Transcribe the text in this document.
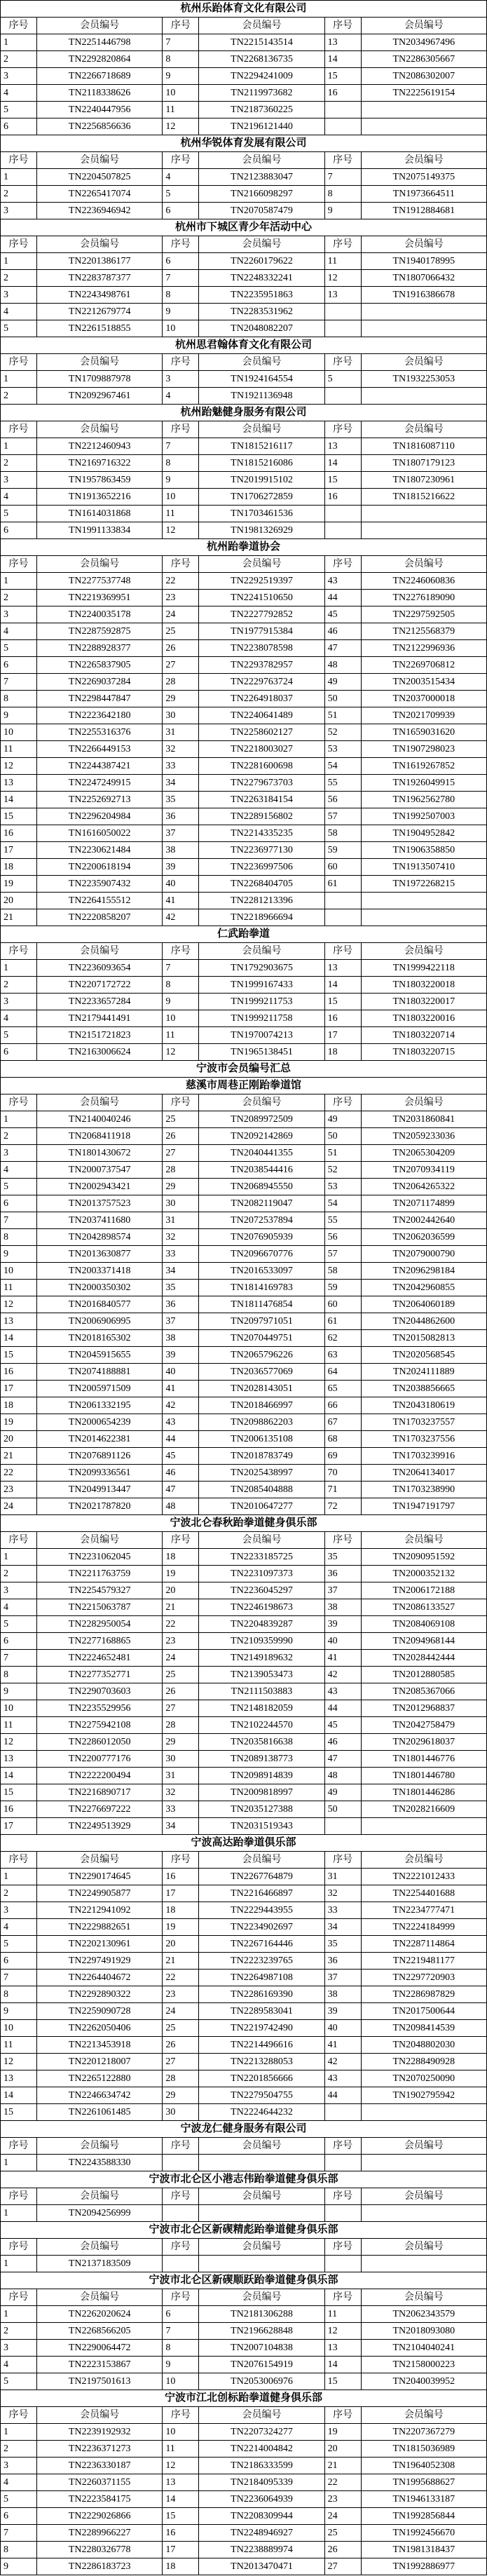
杭州乐跆体育文化有限公司
序号	会员编号	序号	会员编号	序号	会员编号
1	TN2251446798	7	TN2215143514	13	TN2034967496
2	TN2292820864	8	TN2268136735	14	TN2286305667
3	TN2266718689	9	TN2294241009	15	TN2086302007
4	TN2118338626	10	TN2119973682	16	TN2225619154
5	TN2240447956	11	TN2187360225
6	TN2256856636	12	TN2196121440
杭州华锐体育发展有限公司
序号	会员编号	序号	会员编号	序号	会员编号
1	TN2204507825	4	TN2123883047	7	TN2075149375
2	TN2265417074	5	TN2166098297	8	TN1973664511
3	TN2236946942	6	TN2070587479	9	TN1912884681
杭州市下城区青少年活动中心
序号	会员编号	序号	会员编号	序号	会员编号
1	TN2201386177	6	TN2260179622	11	TN1940178995
2	TN2283787377	7	TN2248332241	12	TN1807066432
3	TN2243498761	8	TN2235951863	13	TN1916386678
4	TN2212679774	9	TN2283531962
5	TN2261518855	10	TN2048082207
杭州思君翰体育文化有限公司
序号	会员编号	序号	会员编号	序号	会员编号
1	TN1709887978	3	TN1924164554	5	TN1932253053
2	TN2092967461	4	TN1921136948
杭州跆魅健身服务有限公司
序号	会员编号	序号	会员编号	序号	会员编号
1	TN2212460943	7	TN1815216117	13	TN1816087110
2	TN2169716322	8	TN1815216086	14	TN1807179123
3	TN1957863459	9	TN2019915102	15	TN1807230961
4	TN1913652216	10	TN1706272859	16	TN1815216622
5	TN1614031868	11	TN1703461536
6	TN1991133834	12	TN1981326929
杭州跆拳道协会
序号	会员编号	序号	会员编号	序号	会员编号
1	TN2277537748	22	TN2292519397	43	TN2246060836
2	TN2219369951	23	TN2241510650	44	TN2276189090
3	TN2240035178	24	TN2227792852	45	TN2297592505
4	TN2287592875	25	TN1977915384	46	TN2125568379
5	TN2288928377	26	TN2238078598	47	TN2122996936
6	TN2265837905	27	TN2293782957	48	TN2269706812
7	TN2269037284	28	TN2229763724	49	TN2003515434
8	TN2298447847	29	TN2264918037	50	TN2037000018
9	TN2223642180	30	TN2240641489	51	TN2021709939
10	TN2255316376	31	TN2258602127	52	TN1659031620
11	TN2266449153	32	TN2218003027	53	TN1907298023
12	TN2244387421	33	TN2281600698	54	TN1619267852
13	TN2247249915	34	TN2279673703	55	TN1926049915
14	TN2252692713	35	TN2263184154	56	TN1962562780
15	TN2296204984	36	TN2289156802	57	TN1992507003
16	TN1616050022	37	TN2214335235	58	TN1904952842
17	TN2230621484	38	TN2236977130	59	TN1906358850
18	TN2200618194	39	TN2236997506	60	TN1913507410
19	TN2235907432	40	TN2268404705	61	TN1972268215
20	TN2264155512	41	TN2281213396
21	TN2220858207	42	TN2218966694
仁武跆拳道
序号	会员编号	序号	会员编号	序号	会员编号
1	TN2236093654	7	TN1792903675	13	TN1999422118
2	TN2207172722	8	TN1999167433	14	TN1803220018
3	TN2233657284	9	TN1999211753	15	TN1803220017
4	TN2179441491	10	TN1999211758	16	TN1803220016
5	TN2151721823	11	TN1970074213	17	TN1803220714
6	TN2163006624	12	TN1965138451	18	TN1803220715
宁波市会员编号汇总
慈溪市周巷正刚跆拳道馆
序号	会员编号	序号	会员编号	序号	会员编号
1	TN2140040246	25	TN2089972509	49	TN2031860841
2	TN2068411918	26	TN2092142869	50	TN2059233036
3	TN1801430672	27	TN2040441355	51	TN2065304209
4	TN2000737547	28	TN2038544416	52	TN2070934119
5	TN2002943421	29	TN2068945550	53	TN2064265322
6	TN2013757523	30	TN2082119047	54	TN2071174899
7	TN2037411680	31	TN2072537894	55	TN2002442640
8	TN2042898574	32	TN2076905939	56	TN2062036599
9	TN2013630877	33	TN2096670776	57	TN2079000790
10	TN2003371418	34	TN2016533097	58	TN2096298184
11	TN2000350302	35	TN1814169783	59	TN2042960855
12	TN2016840577	36	TN1811476854	60	TN2064060189
13	TN2006906995	37	TN2097971051	61	TN2044862600
14	TN2018165302	38	TN2070449751	62	TN2015082813
15	TN2045915655	39	TN2065796226	63	TN2020568545
16	TN2074188881	40	TN2036577069	64	TN2024111889
17	TN2005971509	41	TN2028143051	65	TN2038856665
18	TN2061332195	42	TN2018466997	66	TN2043180619
19	TN2000654239	43	TN2098862203	67	TN1703237557
20	TN2014622381	44	TN2006135108	68	TN1703237556
21	TN2076891126	45	TN2018783749	69	TN1703239916
22	TN2099336561	46	TN2025438997	70	TN2064134017
23	TN2049913447	47	TN2085404888	71	TN1703238990
24	TN2021787820	48	TN2010647277	72	TN1947191797
宁波北仑春秋跆拳道健身俱乐部
序号	会员编号	序号	会员编号	序号	会员编号
1	TN2231062045	18	TN2233185725	35	TN2090951592
2	TN2211763759	19	TN2231097373	36	TN2000352132
3	TN2254579327	20	TN2236045297	37	TN2006172188
4	TN2215063787	21	TN2246198673	38	TN2086133527
5	TN2282950054	22	TN2204839287	39	TN2084069108
6	TN2277168865	23	TN2109359990	40	TN2094968144
7	TN2224652481	24	TN2149189632	41	TN2028442444
8	TN2277352771	25	TN2139053473	42	TN2012880585
9	TN2290703603	26	TN2111503883	43	TN2085367066
10	TN2235529956	27	TN2148182059	44	TN2012968837
11	TN2275942108	28	TN2102244570	45	TN2042758479
12	TN2286012050	29	TN2035816638	46	TN2029618037
13	TN2200777176	30	TN2089138773	47	TN1801446776
14	TN2222200494	31	TN2098914839	48	TN1801446780
15	TN2216890717	32	TN2009818997	49	TN1801446286
16	TN2276697222	33	TN2035127388	50	TN2028216609
17	TN2249513929	34	TN2031519343
宁波高达跆拳道俱乐部
序号	会员编号	序号	会员编号	序号	会员编号
1	TN2290174645	16	TN2267764879	31	TN2221012433
2	TN2249905877	17	TN2216466897	32	TN2254401688
3	TN2212941092	18	TN2229443955	33	TN2234777471
4	TN2229882651	19	TN2234902697	34	TN2224184999
5	TN2202130961	20	TN2267164446	35	TN2287114864
6	TN2297491929	21	TN2223239765	36	TN2219481177
7	TN2264404672	22	TN2264987108	37	TN2297720903
8	TN2292890322	23	TN2286169390	38	TN2286987829
9	TN2259090728	24	TN2289583041	39	TN2017500644
10	TN2262050406	25	TN2219742490	40	TN2098414539
11	TN2213453918	26	TN2214496616	41	TN2048802030
12	TN2201218007	27	TN2213288053	42	TN2288490928
13	TN2265122880	28	TN2201856666	43	TN2070250090
14	TN2246634742	29	TN2279504755	44	TN1902795942
15	TN2261061485	30	TN2224644232
宁波龙仁健身服务有限公司
序号	会员编号	序号	会员编号	序号	会员编号
1	TN2243588330
宁波市北仑区小港志伟跆拳道健身俱乐部
序号	会员编号	序号	会员编号	序号	会员编号
1	TN2094256999
宁波市北仑区新碶精彪跆拳道健身俱乐部
序号	会员编号	序号	会员编号	序号	会员编号
1	TN2137183509
宁波市北仑区新碶顺跃跆拳道健身俱乐部
序号	会员编号	序号	会员编号	序号	会员编号
1	TN2262020624	6	TN2181306288	11	TN2062343579
2	TN2268566205	7	TN2196628848	12	TN2018093080
3	TN2290064472	8	TN2007104838	13	TN2104040241
4	TN2223153867	9	TN2076154919	14	TN2158000223
5	TN2197501613	10	TN2053006976	15	TN2040039952
宁波市江北创标跆拳道健身俱乐部
序号	会员编号	序号	会员编号	序号	会员编号
1	TN2239192932	10	TN2207324277	19	TN2207367279
2	TN2236371273	11	TN2214004842	20	TN1815036989
3	TN2236330187	12	TN2186333599	21	TN1964052308
4	TN2260371155	13	TN2184095339	22	TN1995688627
5	TN2223584175	14	TN2236064939	23	TN1946133187
6	TN2229026866	15	TN2208309944	24	TN1992856844
7	TN2289966227	16	TN2248946927	25	TN1992456670
8	TN2280326778	17	TN2238889974	26	TN1981318437
9	TN2286183723	18	TN2013470471	27	TN1992886977
